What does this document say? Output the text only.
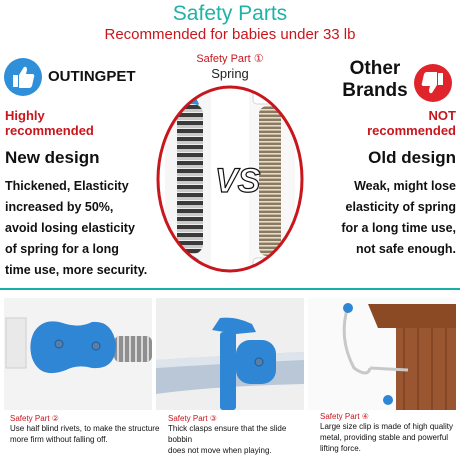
Safety Parts
Recommended for babies under 33 lb
Safety Part ①
Spring
OUTINGPET	Other
Brands
Highly
recommended
NOT
recommended
New design	Old design
Thickened, Elasticity
increased by 50%,
avoid losing elasticity
of spring for a long
time use, more security.
Weak, might lose
elasticity of spring
for a long time use,
not safe enough.
VS
Safety Part ②
Use half blind rivets, to make the structure
more firm without falling off.
Safety Part ③
Thick clasps ensure that the slide bobbin
does not move when playing.
Safety Part ④
Large size clip is made of high quality
metal, providing stable and powerful
lifting force.
